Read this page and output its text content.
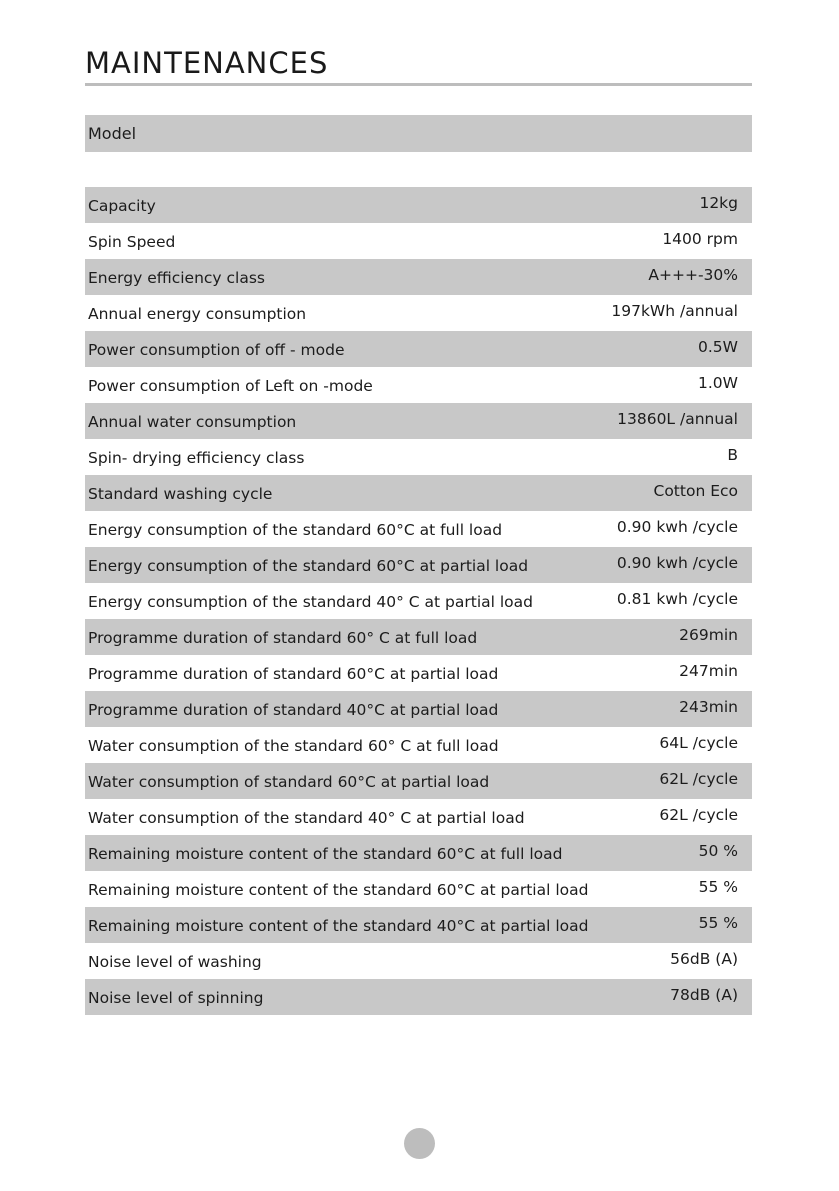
MAINTENANCES
Model
Capacity	12kg
Spin Speed	1400 rpm
Energy efficiency class	A+++-30%
Annual energy consumption	197kWh /annual
Power consumption of off - mode	0.5W
Power consumption of Left on -mode	1.0W
Annual water consumption	13860L /annual
Spin- drying efficiency class	B
Standard washing cycle	Cotton Eco
Energy consumption of the standard 60°C at full load	0.90 kwh /cycle
Energy consumption of the standard 60°C at partial load	0.90 kwh /cycle
Energy consumption of the standard 40° C at partial load	0.81 kwh /cycle
Programme duration of standard 60° C at full load	269min
Programme duration of standard 60°C at partial load	247min
Programme duration of standard 40°C at partial load	243min
Water consumption of the standard 60° C at full load	64L /cycle
Water consumption of standard 60°C at partial load	62L /cycle
Water consumption of the standard 40° C at partial load	62L /cycle
Remaining moisture content of the standard 60°C at full load	50 %
Remaining moisture content of the standard 60°C at partial load	55 %
Remaining moisture content of the standard 40°C at partial load	55 %
Noise level of washing	56dB (A)
Noise level of spinning	78dB (A)
